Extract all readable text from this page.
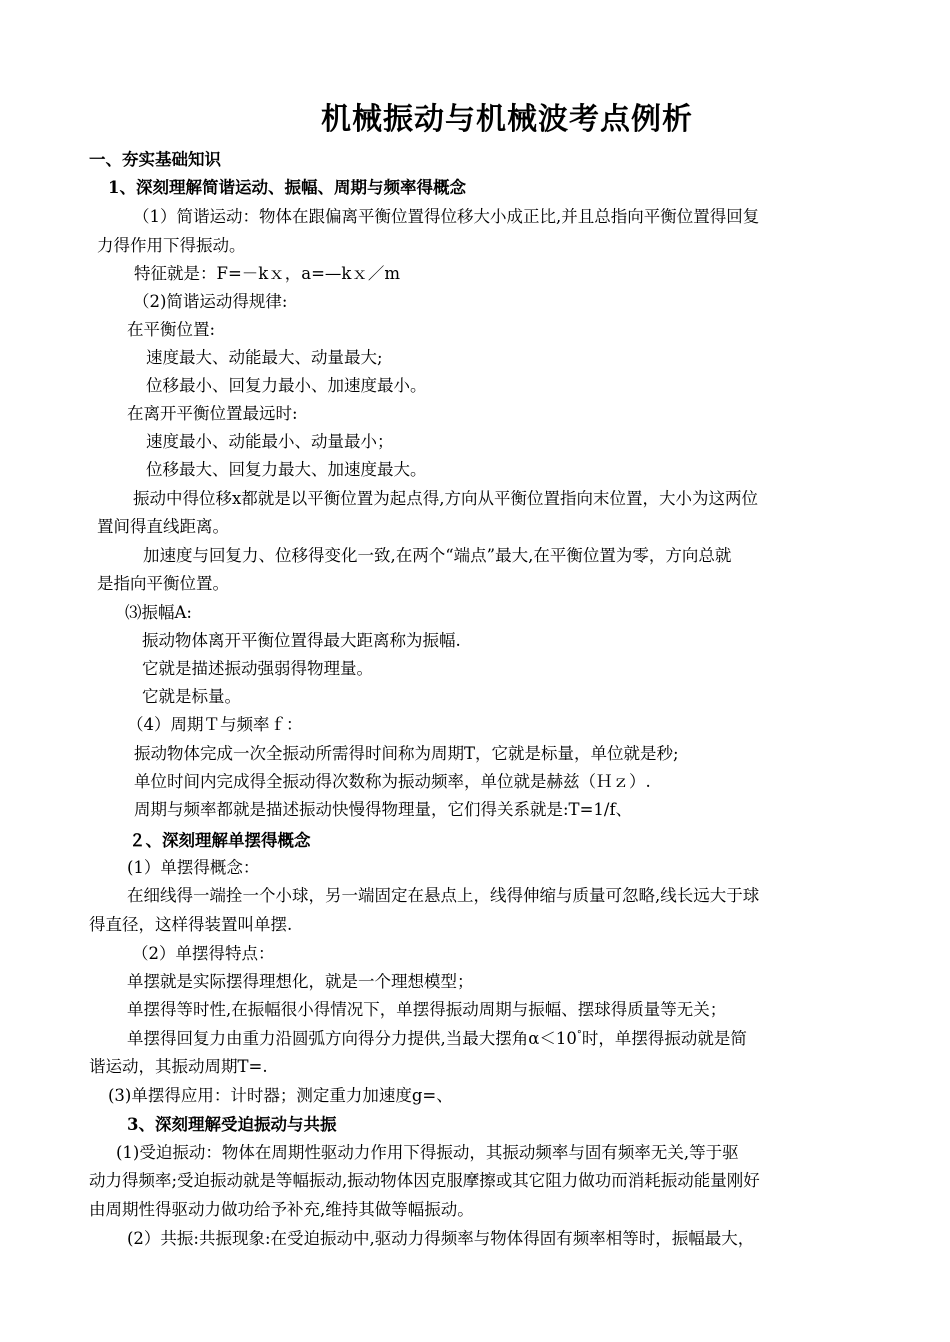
机械振动与机械波考点例析
一、夯实基础知识
1、深刻理解简谐运动、振幅、周期与频率得概念
（1）简谐运动：物体在跟偏离平衡位置得位移大小成正比,并且总指向平衡位置得回复
力得作用下得振动。
特征就是：F=－kｘ，a=—kｘ／m
（2)简谐运动得规律:
在平衡位置:
速度最大、动能最大、动量最大;
位移最小、回复力最小、加速度最小。
在离开平衡位置最远时:
速度最小、动能最小、动量最小；
位移最大、回复力最大、加速度最大。
振动中得位移x都就是以平衡位置为起点得,方向从平衡位置指向末位置，大小为这两位
置间得直线距离。
加速度与回复力、位移得变化一致,在两个“端点”最大,在平衡位置为零，方向总就
是指向平衡位置。
⑶振幅A:
振动物体离开平衡位置得最大距离称为振幅.
它就是描述振动强弱得物理量。
它就是标量。
（4）周期Ｔ与频率ｆ：
振动物体完成一次全振动所需得时间称为周期T，它就是标量，单位就是秒;
单位时间内完成得全振动得次数称为振动频率，单位就是赫兹（Ｈｚ）.
周期与频率都就是描述振动快慢得物理量，它们得关系就是:T=1/f、
２、深刻理解单摆得概念
(1）单摆得概念：
在细线得一端拴一个小球，另一端固定在悬点上，线得伸缩与质量可忽略,线长远大于球
得直径，这样得装置叫单摆.
（2）单摆得特点：
单摆就是实际摆得理想化，就是一个理想模型；
单摆得等时性,在振幅很小得情况下，单摆得振动周期与振幅、摆球得质量等无关；
单摆得回复力由重力沿圆弧方向得分力提供,当最大摆角α＜10°时，单摆得振动就是简
谐运动，其振动周期T=.
(3)单摆得应用：计时器；测定重力加速度g=、
3、深刻理解受迫振动与共振
(1)受迫振动：物体在周期性驱动力作用下得振动，其振动频率与固有频率无关,等于驱
动力得频率;受迫振动就是等幅振动,振动物体因克服摩擦或其它阻力做功而消耗振动能量刚好
由周期性得驱动力做功给予补充,维持其做等幅振动。
(2）共振:共振现象:在受迫振动中,驱动力得频率与物体得固有频率相等时，振幅最大，
